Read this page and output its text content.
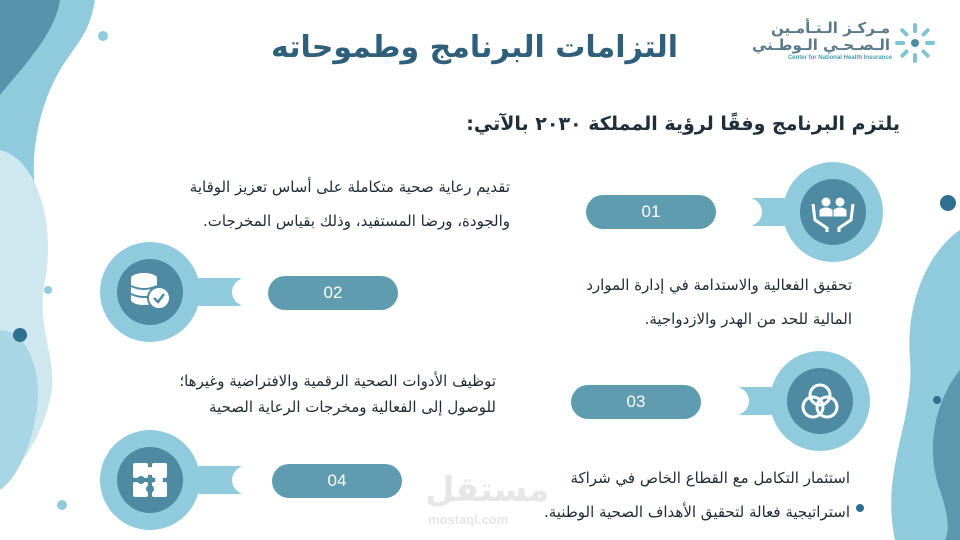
مـركـز الـتـأمـين
الـصـحـي الـوطـني
Center for National Health Insurance
التزامات البرنامج وطموحاته
يلتزم البرنامج وفقًا لرؤية المملكة ٢٠٣٠ بالآتي:
01
تقديم رعاية صحية متكاملة على أساس تعزيز الوقاية
والجودة، ورضا المستفيد، وذلك بقياس المخرجات.
02	تحقيق الفعالية والاستدامة في إدارة الموارد
المالية للحد من الهدر والازدواجية.
03
توظيف الأدوات الصحية الرقمية والافتراضية وغيرها؛
للوصول إلى الفعالية ومخرجات الرعاية الصحية
04	استثمار التكامل مع القطاع الخاص في شراكة
استراتيجية فعالة لتحقيق الأهداف الصحية الوطنية.
مستقل
mostaql.com
